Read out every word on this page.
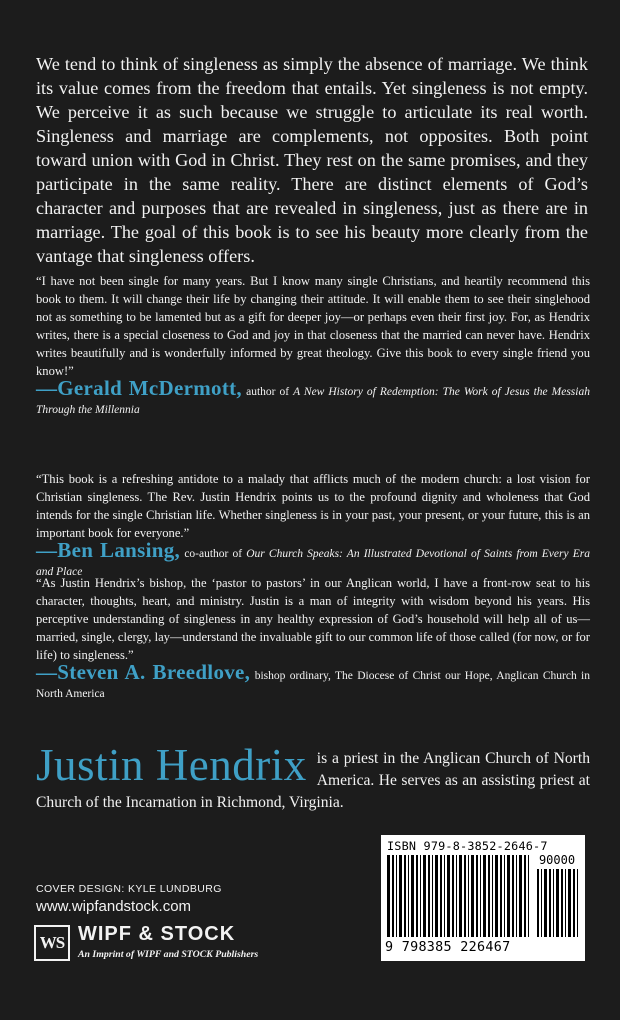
We tend to think of singleness as simply the absence of marriage. We think its value comes from the freedom that entails. Yet singleness is not empty. We perceive it as such because we struggle to articulate its real worth. Singleness and marriage are complements, not opposites. Both point toward union with God in Christ. They rest on the same promises, and they participate in the same reality. There are distinct elements of God’s character and purposes that are revealed in singleness, just as there are in marriage. The goal of this book is to see his beauty more clearly from the vantage that singleness offers.

“I have not been single for many years. But I know many single Christians, and heartily recommend this book to them. It will change their life by changing their attitude. It will enable them to see their singlehood not as something to be lamented but as a gift for deeper joy—or perhaps even their first joy. For, as Hendrix writes, there is a special closeness to God and joy in that closeness that the married can never have. Hendrix writes beautifully and is wonderfully informed by great theology. Give this book to every single friend you know!”

—Gerald McDermott, author of A New History of Redemption: The Work of Jesus the Messiah Through the Millennia

“This book is a refreshing antidote to a malady that afflicts much of the modern church: a lost vision for Christian singleness. The Rev. Justin Hendrix points us to the profound dignity and wholeness that God intends for the single Christian life. Whether singleness is in your past, your present, or your future, this is an important book for everyone.”

—Ben Lansing, co-author of Our Church Speaks: An Illustrated Devotional of Saints from Every Era and Place

“As Justin Hendrix’s bishop, the ‘pastor to pastors’ in our Anglican world, I have a front-row seat to his character, thoughts, heart, and ministry. Justin is a man of integrity with wisdom beyond his years. His perceptive understanding of singleness in any healthy expression of God’s household will help all of us—married, single, clergy, lay—understand the invaluable gift to our common life of those called (for now, or for life) to singleness.”

—Steven A. Breedlove, bishop ordinary, The Diocese of Christ our Hope, Anglican Church in North America

Justin Hendrix is a priest in the Anglican Church of North America. He serves as an assisting priest at Church of the Incarnation in Richmond, Virginia.

ISBN 979-8-3852-2646-7
90000
9 798385 226467

COVER DESIGN: KYLE LUNDBURG

www.wipfandstock.com

WS WIPF & STOCK
An Imprint of WIPF and STOCK Publishers
